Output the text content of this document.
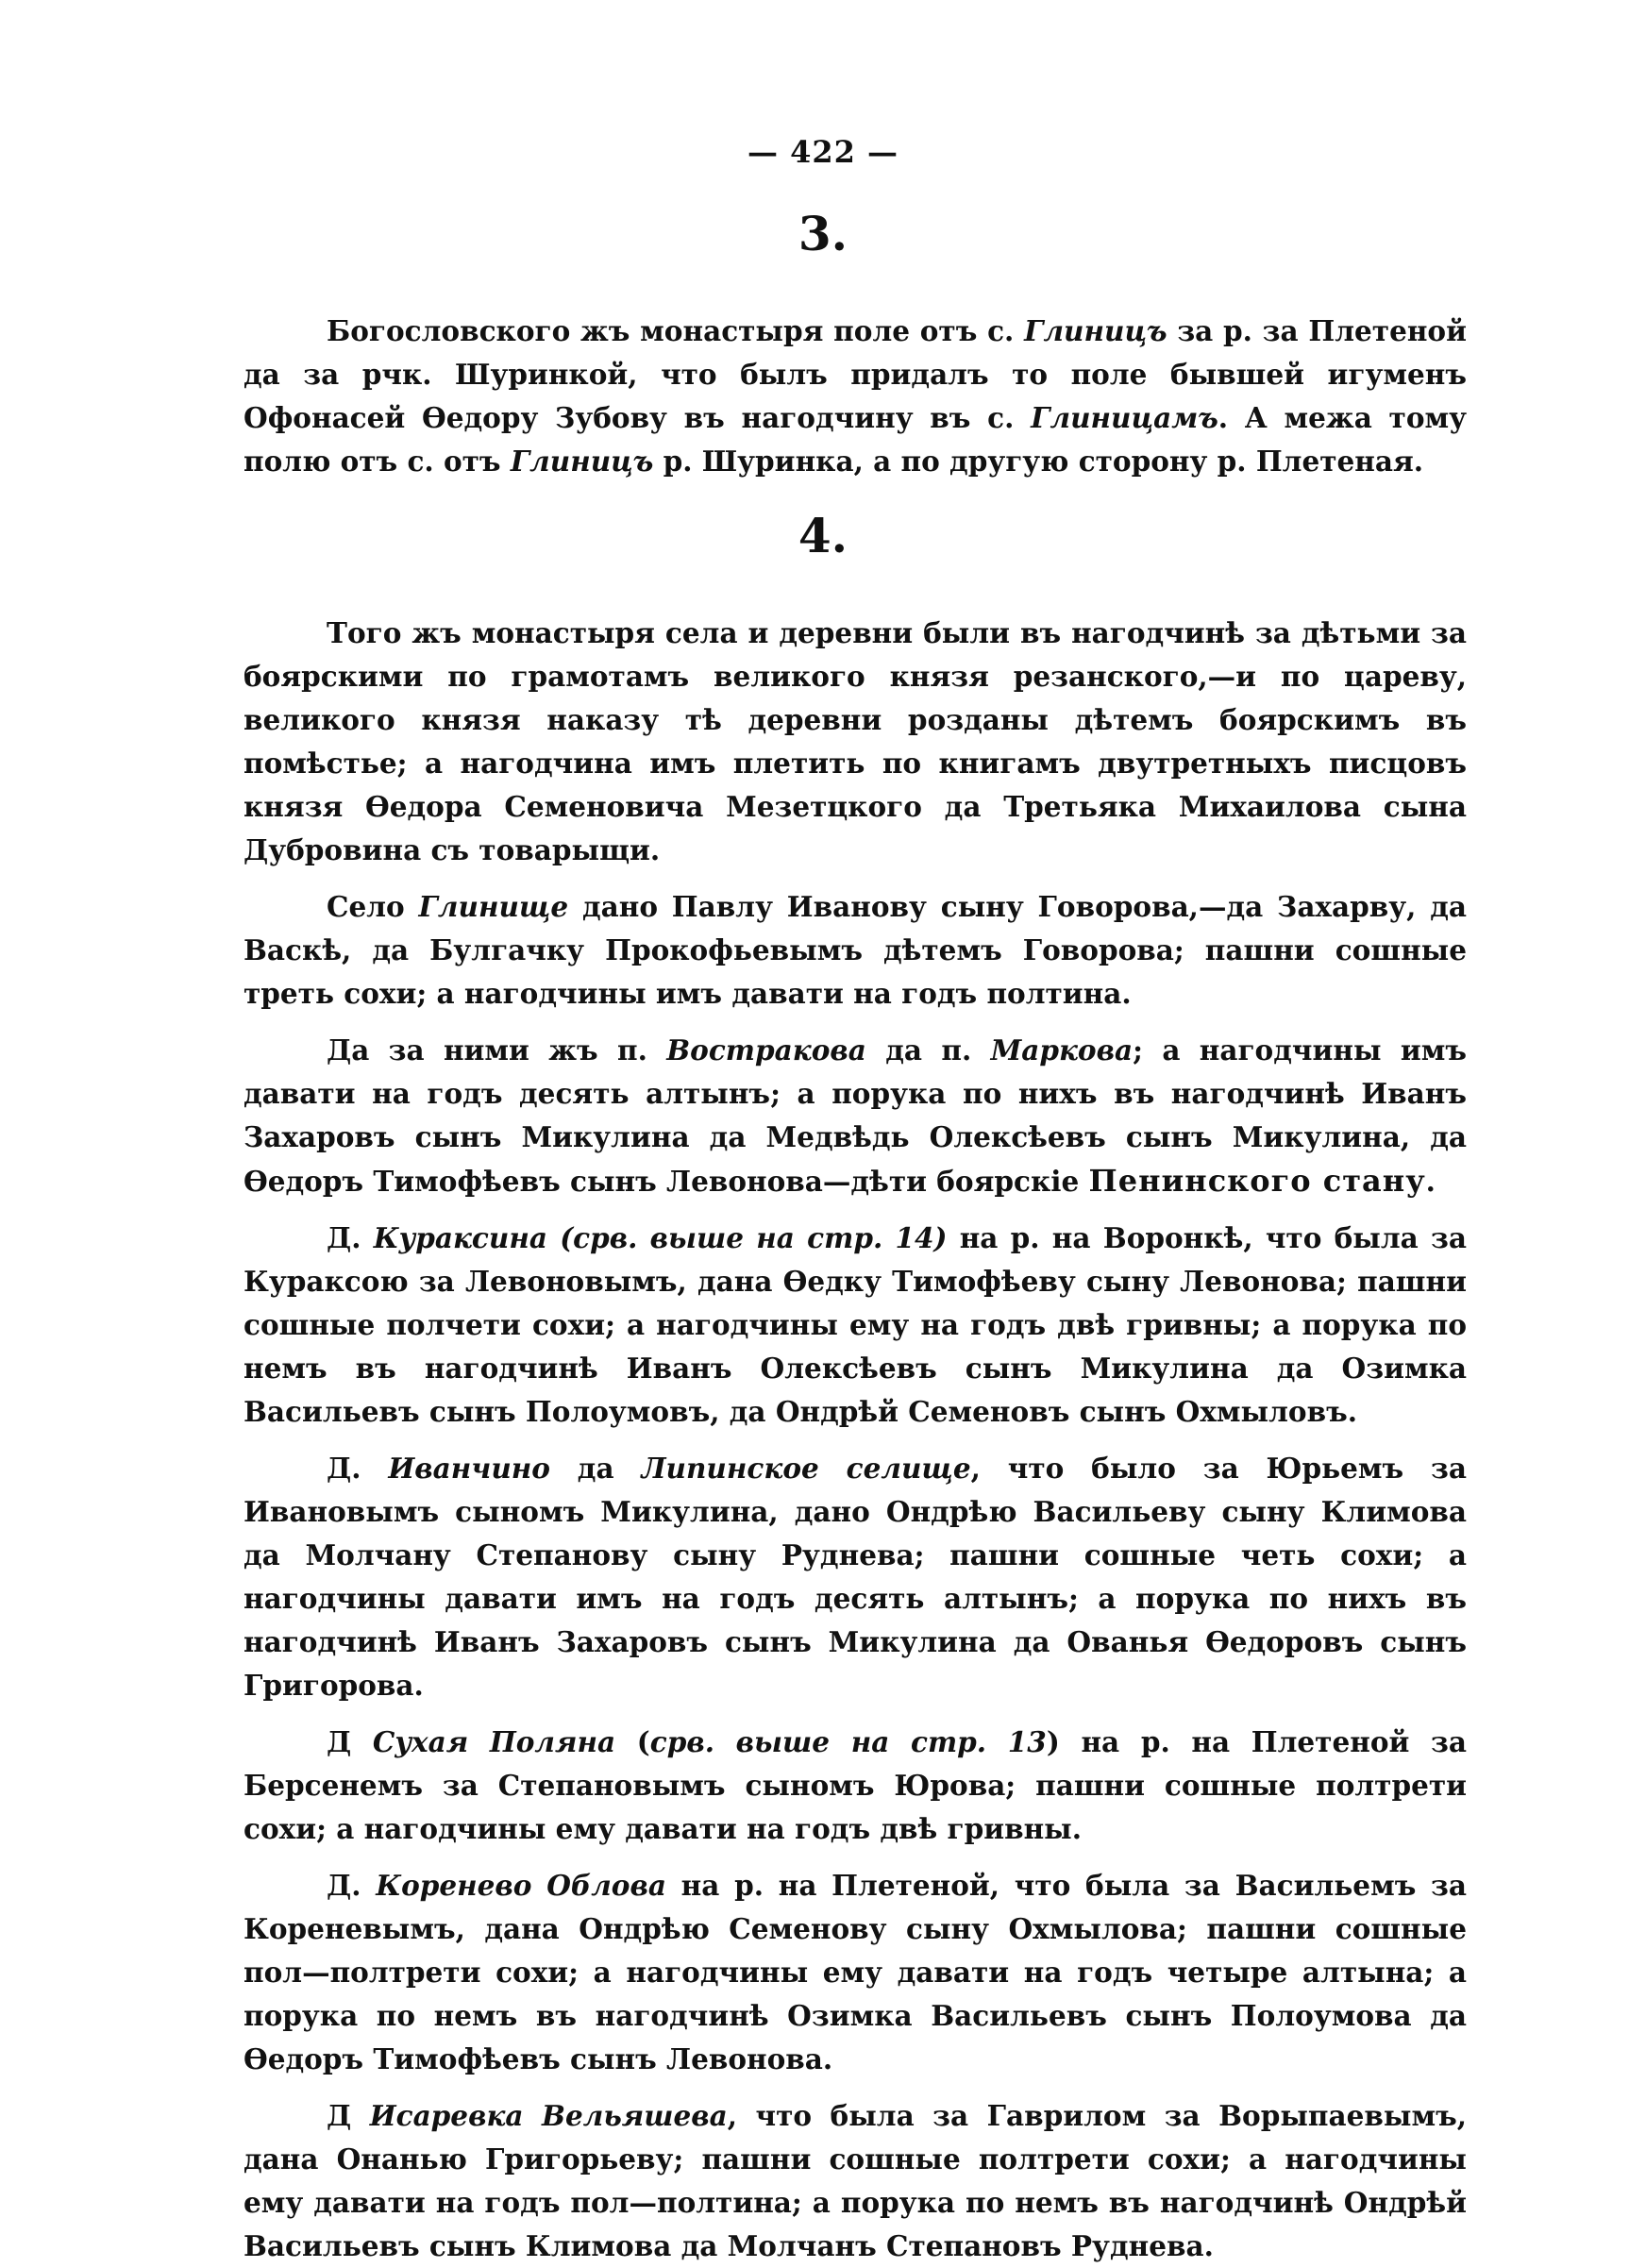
— 422 —
3.

Богословского жъ монастыря поле отъ с. Глиницъ за р. за Плетеной да за рчк. Шуринкой, что былъ придалъ то поле бывшей игуменъ Офонасей Ѳедору Зубову въ нагодчину въ с. Глиницамъ. А межа тому полю отъ с. отъ Глиницъ р. Шуринка, а по другую сторону р. Плетеная.

4.

Того жъ монастыря села и деревни были въ нагодчинѣ за дѣтьми за боярскими по грамотамъ великого князя резанского,—и по цареву, великого князя наказу тѣ деревни розданы дѣтемъ боярскимъ въ помѣстье; а нагодчина имъ плетить по книгамъ двутретныхъ писцовъ князя Ѳедора Семеновича Мезетцкого да Третьяка Михаилова сына Дубровина съ товарыщи.

Село Глинище дано Павлу Иванову сыну Говорова,—да Захарву, да Васкѣ, да Булгачку Прокофьевымъ дѣтемъ Говорова; пашни сошные треть сохи; а нагодчины имъ давати на годъ полтина.

Да за ними жъ п. Востракова да п. Маркова; а нагодчины имъ давати на годъ десять алтынъ; а порука по нихъ въ нагодчинѣ Иванъ Захаровъ сынъ Микулина да Медвѣдь Олексѣевъ сынъ Микулина, да Ѳедоръ Тимофѣевъ сынъ Левонова—дѣти боярскіе Пенинского стану.

Д. Кураксина (срв. выше на стр. 14) на р. на Воронкѣ, что была за Кураксою за Левоновымъ, дана Ѳедку Тимофѣеву сыну Левонова; пашни сошные полчети сохи; а нагодчины ему на годъ двѣ гривны; а порука по немъ въ нагодчинѣ Иванъ Олексѣевъ сынъ Микулина да Озимка Васильевъ сынъ Полоумовъ, да Ондрѣй Семеновъ сынъ Охмыловъ.

Д. Иванчино да Липинское селище, что было за Юрьемъ за Ивановымъ сыномъ Микулина, дано Ондрѣю Васильеву сыну Климова да Молчану Степанову сыну Руднева; пашни сошные четь сохи; а нагодчины давати имъ на годъ десять алтынъ; а порука по нихъ въ нагодчинѣ Иванъ Захаровъ сынъ Микулина да Ованья Ѳедоровъ сынъ Григорова.

Д Сухая Поляна (срв. выше на стр. 13) на р. на Плетеной за Берсенемъ за Степановымъ сыномъ Юрова; пашни сошные полтрети сохи; а нагодчины ему давати на годъ двѣ гривны.

Д. Кореневo Облова на р. на Плетеной, что была за Васильемъ за Кореневымъ, дана Ондрѣю Семенову сыну Охмылова; пашни сошные пол—полтрети сохи; а нагодчины ему давати на годъ четыре алтына; а порука по немъ въ нагодчинѣ Озимка Васильевъ сынъ Полоумова да Ѳедоръ Тимофѣевъ сынъ Левонова.

Д Исаревка Вельяшева, что была за Гаврилом за Ворыпаевымъ, дана Онанью Григорьеву; пашни сошные полтрети сохи; а нагодчины ему давати на годъ пол—полтина; а порука по немъ въ нагодчинѣ Ондрѣй Васильевъ сынъ Климова да Молчанъ Степановъ Руднева.
